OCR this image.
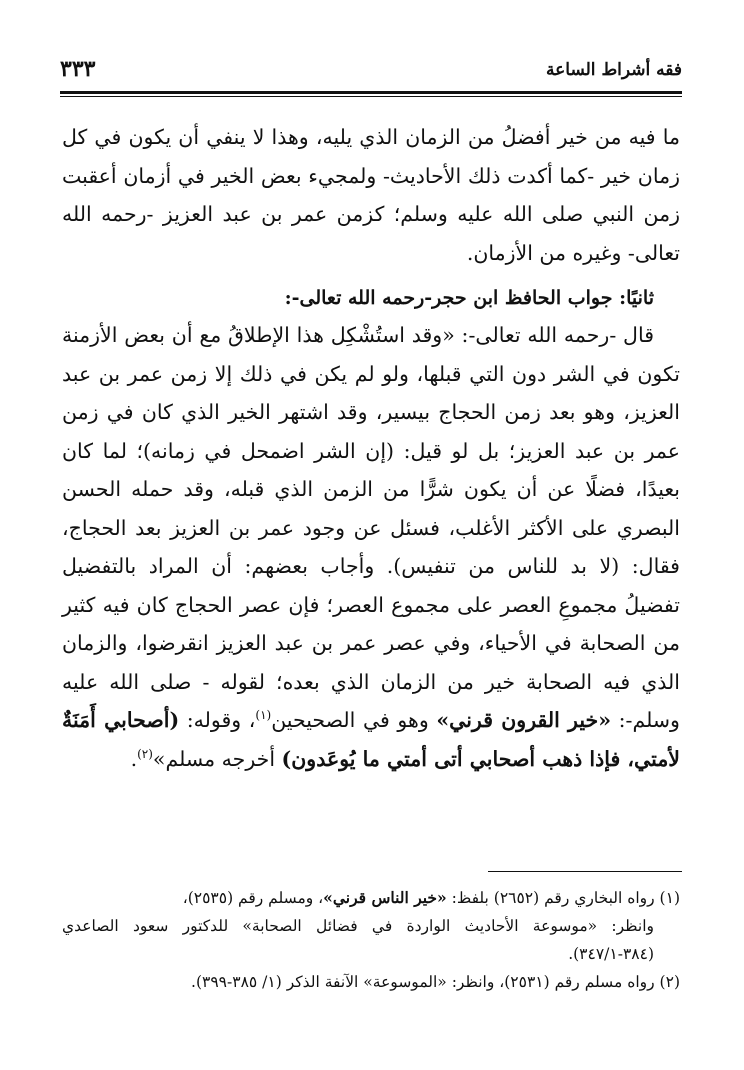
فقه أشراط الساعة
٣٣٣

ما فيه من خير أفضلُ من الزمان الذي يليه، وهذا لا ينفي أن يكون في كل زمان خير -كما أكدت ذلك الأحاديث- ولمجيء بعض الخير في أزمان أعقبت زمن النبي صلى الله عليه وسلم؛ كزمن عمر بن عبد العزيز -رحمه الله تعالى- وغيره من الأزمان.

ثانيًا: جواب الحافظ ابن حجر-رحمه الله تعالى-:

قال -رحمه الله تعالى-: «وقد استُشْكِل هذا الإطلاقُ مع أن بعض الأزمنة تكون في الشر دون التي قبلها، ولو لم يكن في ذلك إلا زمن عمر بن عبد العزيز، وهو بعد زمن الحجاج بيسير، وقد اشتهر الخير الذي كان في زمن عمر بن عبد العزيز؛ بل لو قيل: (إن الشر اضمحل في زمانه)؛ لما كان بعيدًا، فضلًا عن أن يكون شرًّا من الزمن الذي قبله، وقد حمله الحسن البصري على الأكثر الأغلب، فسئل عن وجود عمر بن العزيز بعد الحجاج، فقال: (لا بد للناس من تنفيس). وأجاب بعضهم: أن المراد بالتفضيل تفضيلُ مجموعِ العصر على مجموع العصر؛ فإن عصر الحجاج كان فيه كثير من الصحابة في الأحياء، وفي عصر عمر بن عبد العزيز انقرضوا، والزمان الذي فيه الصحابة خير من الزمان الذي بعده؛ لقوله - صلى الله عليه وسلم-: «خير القرون قرني» وهو في الصحيحين$^{(١)}$، وقوله: (أصحابي أَمَنَةٌ لأمتي، فإذا ذهب أصحابي أتى أمتي ما يُوعَدون) أخرجه مسلم»$^{(٢)}$.

(١) رواه البخاري رقم (٢٦٥٢) بلفظ: «خير الناس قرني»، ومسلم رقم (٢٥٣٥)،

وانظر: «موسوعة الأحاديث الواردة في فضائل الصحابة» للدكتور سعود الصاعدي (٣٨٤-٣٤٧/١).

(٢) رواه مسلم رقم (٢٥٣١)، وانظر: «الموسوعة» الآنفة الذكر (١/ ٣٨٥-٣٩٩).
